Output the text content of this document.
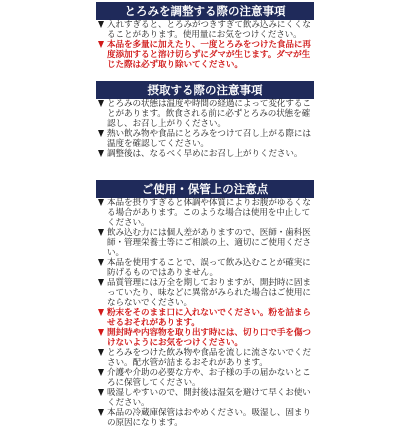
とろみを調整する際の注意事項
入れすぎると、とろみがつきすぎて飲み込みにくくなることがあります。使用量にお気をつけください。
本品を多量に加えたり、一度とろみをつけた食品に再度添加すると溶け切らずにダマが生じます。ダマが生じた際は必ず取り除いてください。
摂取する際の注意事項
とろみの状態は温度や時間の経過によって変化することがあります。飲食される前に必ずとろみの状態を確認し、お召し上がりください。
熱い飲み物や食品にとろみをつけて召し上がる際には温度を確認してください。
調整後は、なるべく早めにお召し上がりください。
ご使用・保管上の注意点
本品を摂りすぎると体調や体質によりお腹がゆるくなる場合があります。このような場合は使用を中止してください。
飲み込む力には個人差がありますので、医師・歯科医師・管理栄養士等にご相談の上、適切にご使用ください。
本品を使用することで、誤って飲み込むことが確実に防げるものではありません。
品質管理には万全を期しておりますが、開封時に固まっていたり、味などに異常がみられた場合はご使用にならないでください。
粉末をそのまま口に入れないでください。粉を詰まらせるおそれがあります。
開封時や内容物を取り出す時には、切り口で手を傷つけないようにお気をつけください。
とろみをつけた飲み物や食品を流しに流さないでください。配水管が詰まるおそれがあります。
介護や介助の必要な方や、お子様の手の届かないところに保管してください。
吸湿しやすいので、開封後は湿気を避けて早くお使いください。
本品の冷蔵庫保管はおやめください。吸湿し、固まりの原因になります。
